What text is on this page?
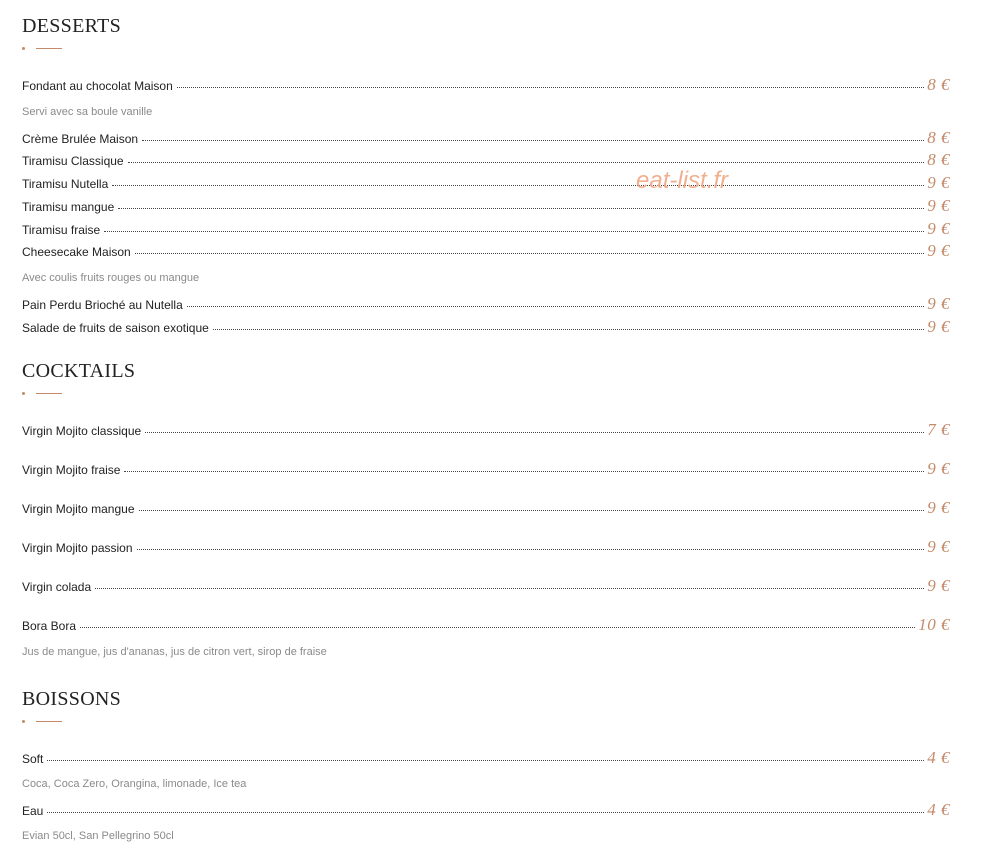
DESSERTS
Fondant au chocolat Maison	8 €
Servi avec sa boule vanille
Crème Brulée Maison	8 €
Tiramisu Classique	8 €
Tiramisu Nutella	9 €
Tiramisu mangue	9 €
Tiramisu fraise	9 €
Cheesecake Maison	9 €
Avec coulis fruits rouges ou mangue
Pain Perdu Brioché au Nutella	9 €
Salade de fruits de saison exotique	9 €
COCKTAILS
Virgin Mojito classique	7 €
Virgin Mojito fraise	9 €
Virgin Mojito mangue	9 €
Virgin Mojito passion	9 €
Virgin colada	9 €
Bora Bora	10 €
Jus de mangue, jus d'ananas, jus de citron vert, sirop de fraise
BOISSONS
Soft	4 €
Coca, Coca Zero, Orangina, limonade, Ice tea
Eau	4 €
Evian 50cl, San Pellegrino 50cl
eat-list.fr
